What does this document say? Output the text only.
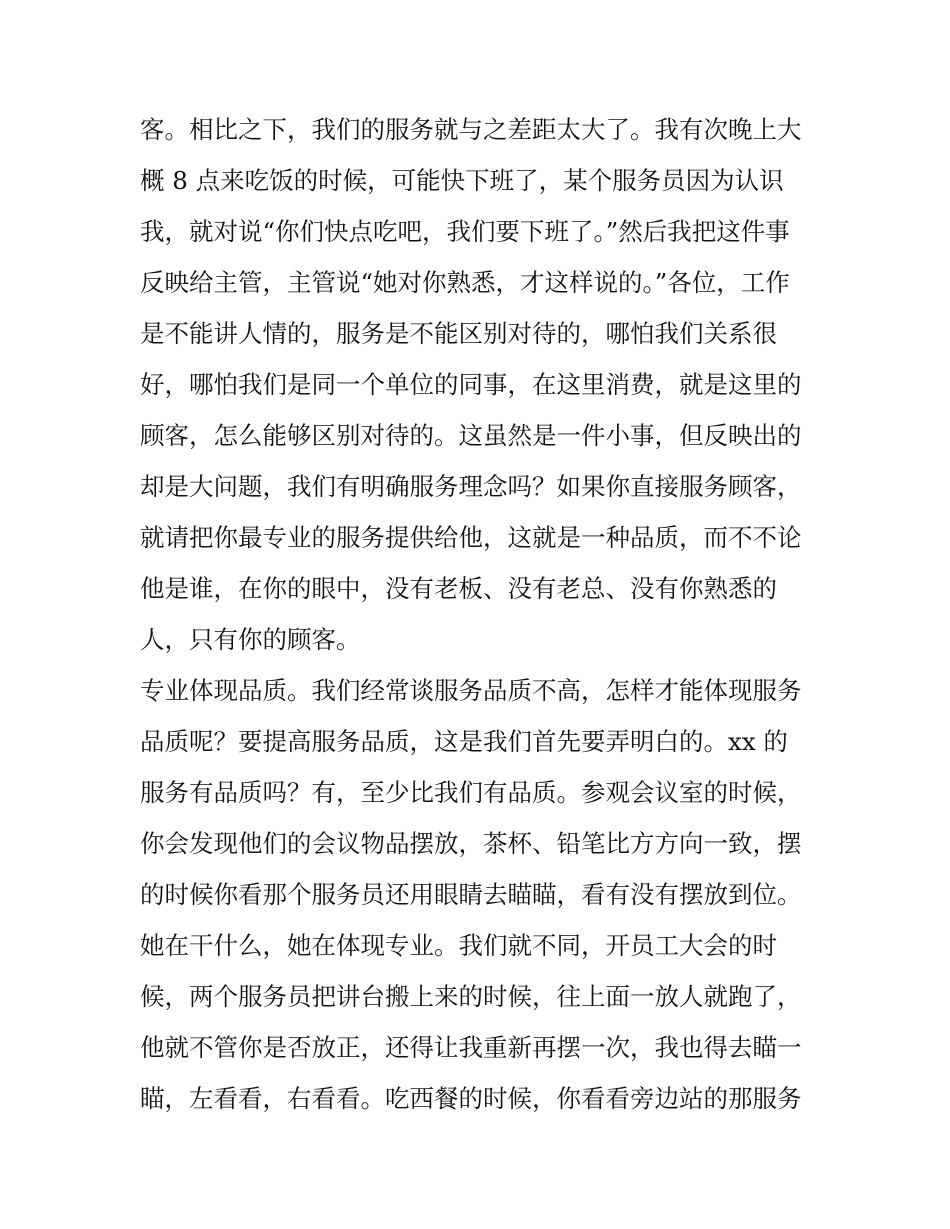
客。相比之下，我们的服务就与之差距太大了。我有次晚上大
概 8 点来吃饭的时候，可能快下班了，某个服务员因为认识
我，就对说“你们快点吃吧，我们要下班了。”然后我把这件事
反映给主管，主管说“她对你熟悉，才这样说的。”各位，工作
是不能讲人情的，服务是不能区别对待的，哪怕我们关系很
好，哪怕我们是同一个单位的同事，在这里消费，就是这里的
顾客，怎么能够区别对待的。这虽然是一件小事，但反映出的
却是大问题，我们有明确服务理念吗？如果你直接服务顾客，
就请把你最专业的服务提供给他，这就是一种品质，而不不论
他是谁，在你的眼中，没有老板、没有老总、没有你熟悉的
人，只有你的顾客。
专业体现品质。我们经常谈服务品质不高，怎样才能体现服务
品质呢？要提高服务品质，这是我们首先要弄明白的。xx 的
服务有品质吗？有，至少比我们有品质。参观会议室的时候，
你会发现他们的会议物品摆放，茶杯、铅笔比方方向一致，摆
的时候你看那个服务员还用眼睛去瞄瞄，看有没有摆放到位。
她在干什么，她在体现专业。我们就不同，开员工大会的时
候，两个服务员把讲台搬上来的时候，往上面一放人就跑了，
他就不管你是否放正，还得让我重新再摆一次，我也得去瞄一
瞄，左看看，右看看。吃西餐的时候，你看看旁边站的那服务
